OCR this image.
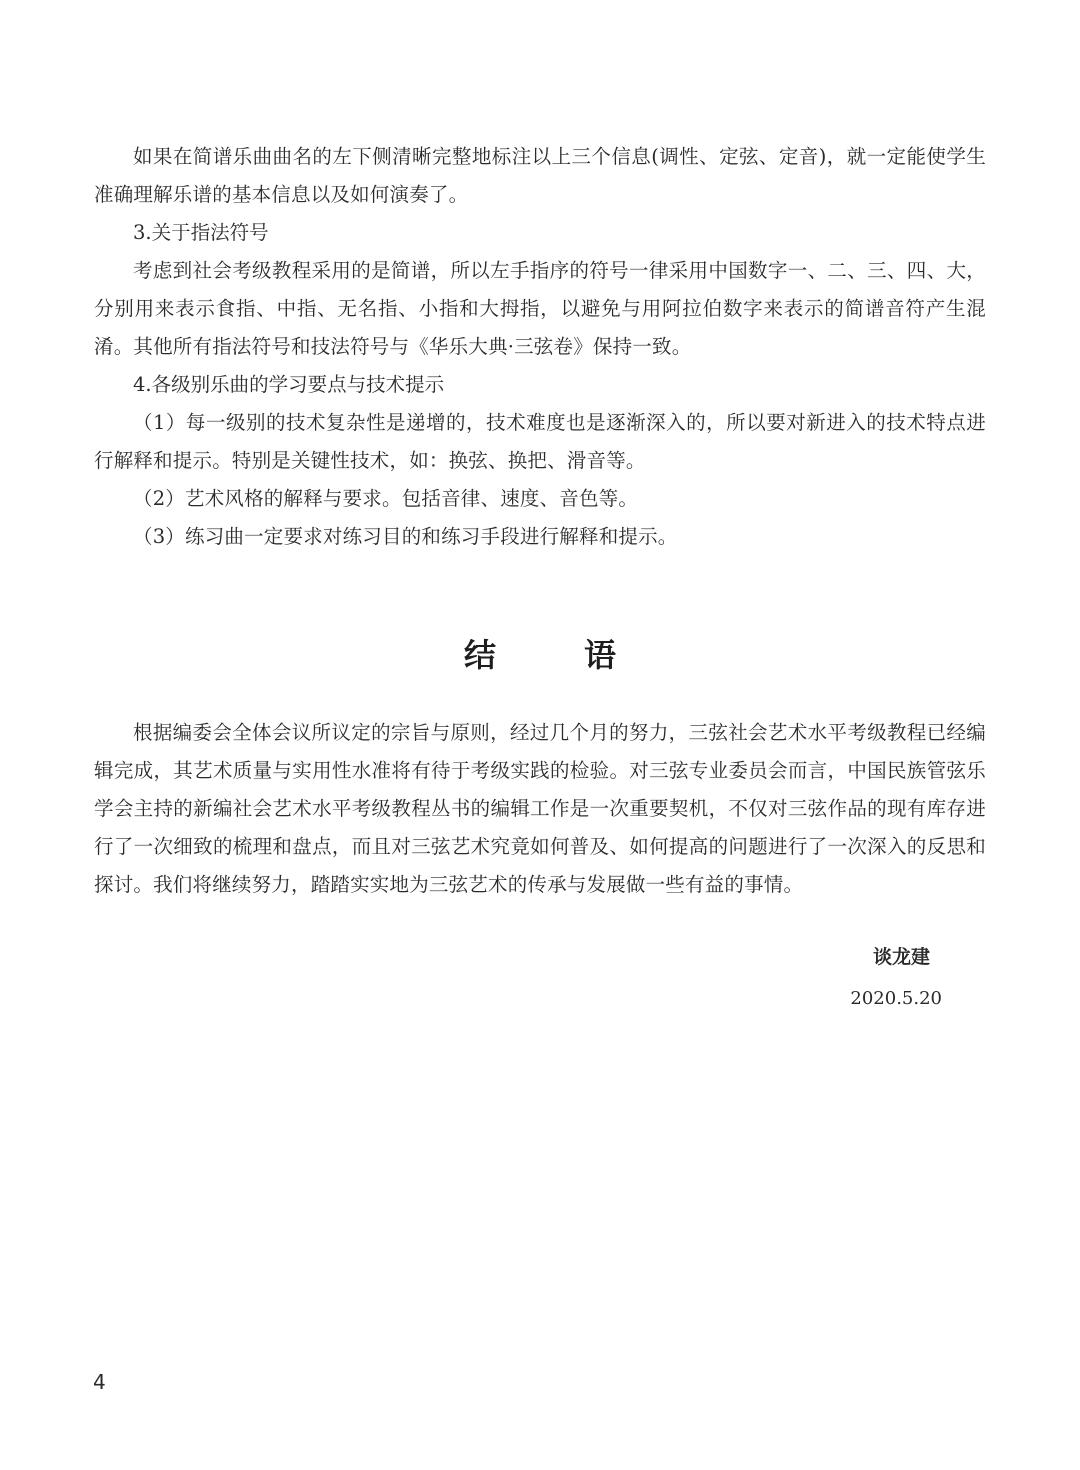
如果在简谱乐曲曲名的左下侧清晰完整地标注以上三个信息(调性、定弦、定音)，就一定能使学生准确理解乐谱的基本信息以及如何演奏了。

3.关于指法符号

考虑到社会考级教程采用的是简谱，所以左手指序的符号一律采用中国数字一、二、三、四、大，分别用来表示食指、中指、无名指、小指和大拇指，以避免与用阿拉伯数字来表示的简谱音符产生混淆。其他所有指法符号和技法符号与《华乐大典·三弦卷》保持一致。

4.各级别乐曲的学习要点与技术提示

（1）每一级别的技术复杂性是递增的，技术难度也是逐渐深入的，所以要对新进入的技术特点进行解释和提示。特别是关键性技术，如：换弦、换把、滑音等。

（2）艺术风格的解释与要求。包括音律、速度、音色等。

（3）练习曲一定要求对练习目的和练习手段进行解释和提示。

结语

根据编委会全体会议所议定的宗旨与原则，经过几个月的努力，三弦社会艺术水平考级教程已经编辑完成，其艺术质量与实用性水准将有待于考级实践的检验。对三弦专业委员会而言，中国民族管弦乐学会主持的新编社会艺术水平考级教程丛书的编辑工作是一次重要契机，不仅对三弦作品的现有库存进行了一次细致的梳理和盘点，而且对三弦艺术究竟如何普及、如何提高的问题进行了一次深入的反思和探讨。我们将继续努力，踏踏实实地为三弦艺术的传承与发展做一些有益的事情。

谈龙建
2020.5.20
4
